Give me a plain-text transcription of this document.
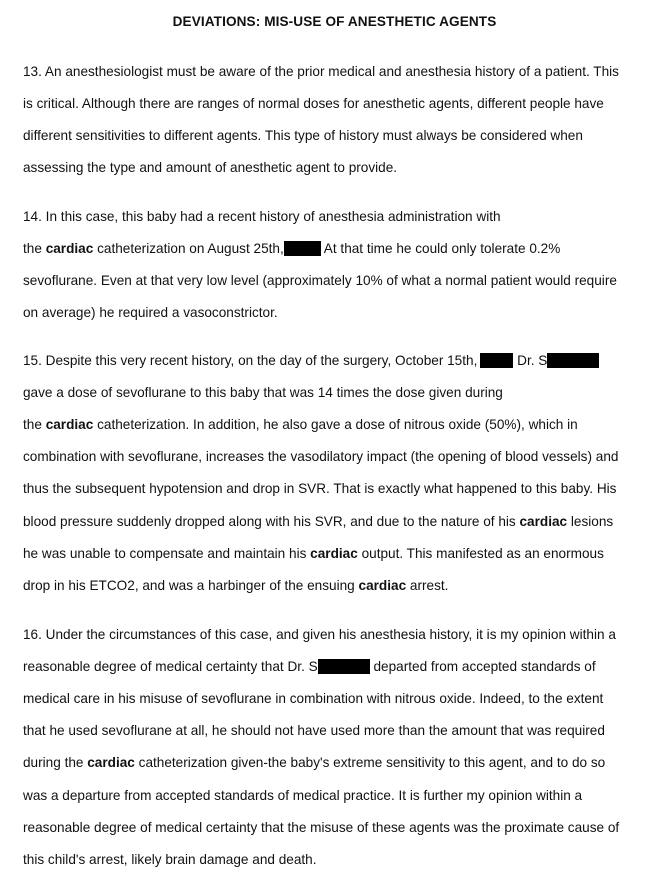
DEVIATIONS: MIS-USE OF ANESTHETIC AGENTS
13. An anesthesiologist must be aware of the prior medical and anesthesia history of a patient. This
is critical. Although there are ranges of normal doses for anesthetic agents, different people have
different sensitivities to different agents. This type of history must always be considered when
assessing the type and amount of anesthetic agent to provide.
14. In this case, this baby had a recent history of anesthesia administration with
the cardiac catheterization on August 25th,	At that time he could only tolerate 0.2%
sevoflurane. Even at that very low level (approximately 10% of what a normal patient would require
on average) he required a vasoconstrictor.
15. Despite this very recent history, on the day of the surgery, October 15th,	Dr. S
gave a dose of sevoflurane to this baby that was 14 times the dose given during
the cardiac catheterization. In addition, he also gave a dose of nitrous oxide (50%), which in
combination with sevoflurane, increases the vasodilatory impact (the opening of blood vessels) and
thus the subsequent hypotension and drop in SVR. That is exactly what happened to this baby. His
blood pressure suddenly dropped along with his SVR, and due to the nature of his cardiac lesions
he was unable to compensate and maintain his cardiac output. This manifested as an enormous
drop in his ETCO2, and was a harbinger of the ensuing cardiac arrest.
16. Under the circumstances of this case, and given his anesthesia history, it is my opinion within a
reasonable degree of medical certainty that Dr. S	departed from accepted standards of
medical care in his misuse of sevoflurane in combination with nitrous oxide. Indeed, to the extent
that he used sevoflurane at all, he should not have used more than the amount that was required
during the cardiac catheterization given-the baby's extreme sensitivity to this agent, and to do so
was a departure from accepted standards of medical practice. It is further my opinion within a
reasonable degree of medical certainty that the misuse of these agents was the proximate cause of
this child's arrest, likely brain damage and death.
